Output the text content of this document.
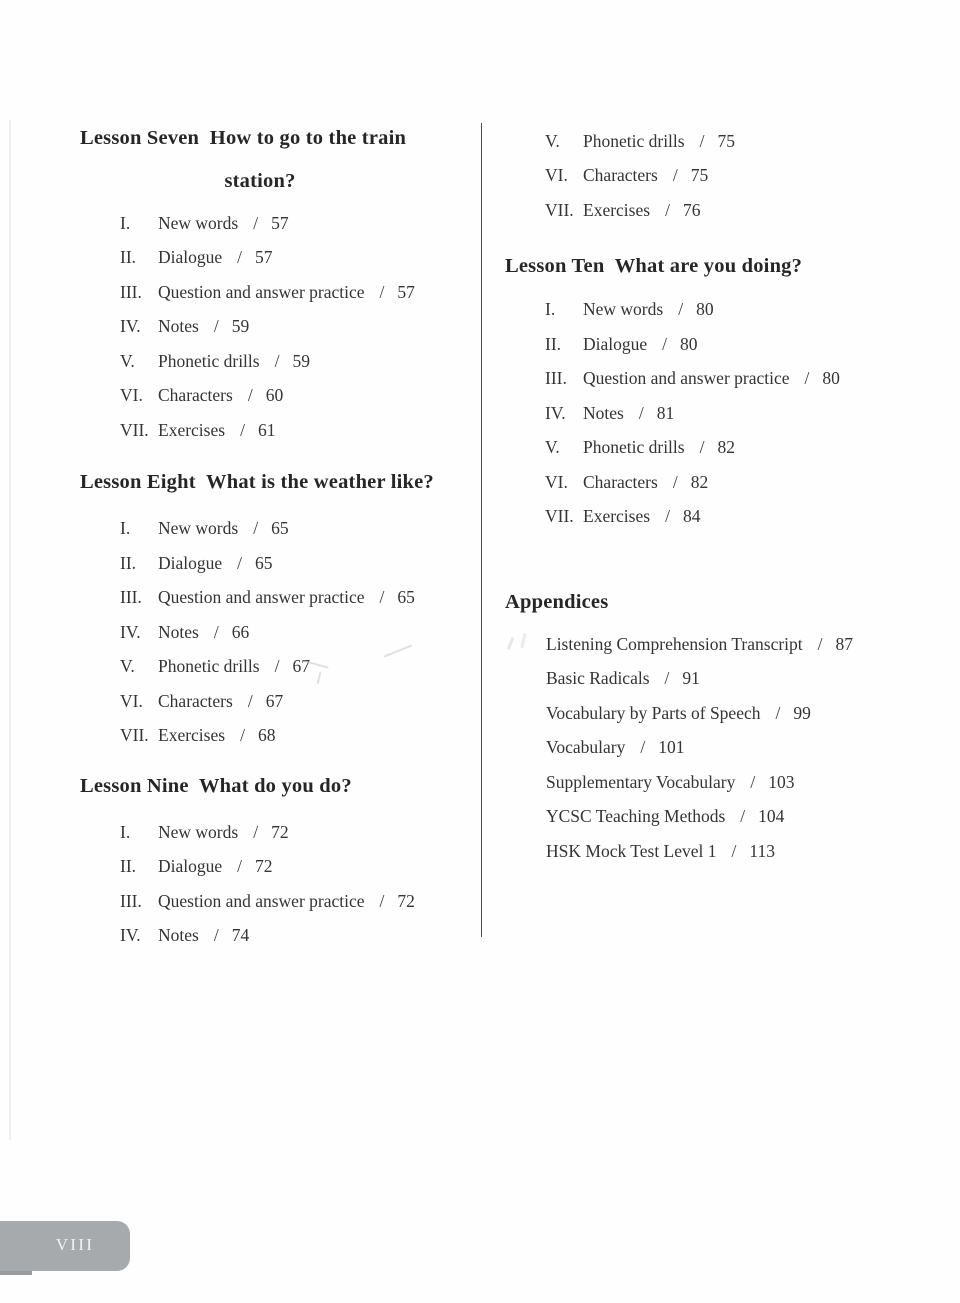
Lesson Seven  How to go to the train
station?
I.	New words / 57
II.	Dialogue / 57
III. Question and answer practice / 57
IV. Notes / 59
V.	Phonetic drills / 59
VI. Characters / 60
VII. Exercises / 61
Lesson Eight  What is the weather like?
I.	New words / 65
II.	Dialogue / 65
III. Question and answer practice / 65
IV. Notes / 66
V.	Phonetic drills / 67
VI. Characters / 67
VII. Exercises / 68
Lesson Nine  What do you do?
I.	New words / 72
II.	Dialogue / 72
III. Question and answer practice / 72
IV. Notes / 74
V.	Phonetic drills / 75
VI. Characters / 75
VII. Exercises / 76
Lesson Ten  What are you doing?
I.	New words / 80
II.	Dialogue / 80
III. Question and answer practice / 80
IV. Notes / 81
V.	Phonetic drills / 82
VI. Characters / 82
VII. Exercises / 84
Appendices
Listening Comprehension Transcript / 87
Basic Radicals / 91
Vocabulary by Parts of Speech / 99
Vocabulary / 101
Supplementary Vocabulary / 103
YCSC Teaching Methods / 104
HSK Mock Test Level 1 / 113
VIII
